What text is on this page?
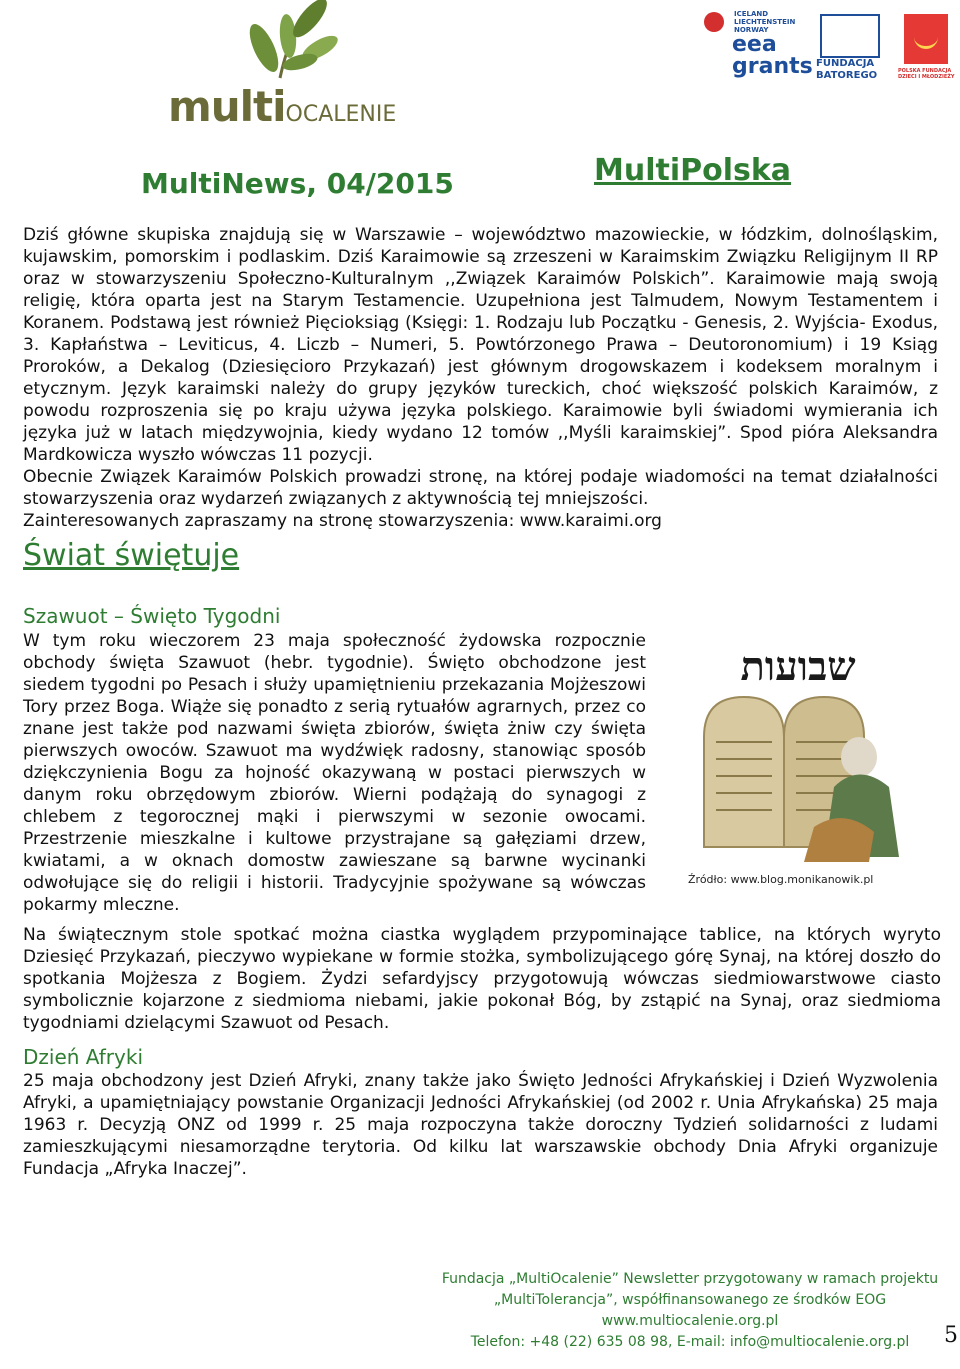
multiOCALENIE
ICELAND
LIECHTENSTEIN
NORWAY
eea
grants FUNDACJA
BATOREGO	POLSKA FUNDACJA
DZIECI I MŁODZIEŻY
MultiNews, 04/2015	MultiPolska

Dziś główne skupiska znajdują się w Warszawie – województwo mazowieckie, w łódzkim, dolnośląskim, kujawskim, pomorskim i podlaskim. Dziś Karaimowie są zrzeszeni w Karaimskim Związku Religijnym II RP oraz w stowarzyszeniu Społeczno-Kulturalnym ,,Związek Karaimów Polskich”. Karaimowie mają swoją religię, która oparta jest na Starym Testamencie. Uzupełniona jest Talmudem, Nowym Testamentem i Koranem. Podstawą jest również Pięcioksiąg (Księgi: 1. Rodzaju lub Początku - Genesis, 2. Wyjścia- Exodus, 3. Kapłaństwa – Leviticus, 4. Liczb – Numeri, 5. Powtórzonego Prawa – Deutoronomium) i 19 Ksiąg Proroków, a Dekalog (Dziesięcioro Przykazań) jest głównym drogowskazem i kodeksem moralnym i etycznym. Język karaimski należy do grupy języków tureckich, choć większość polskich Karaimów, z powodu rozproszenia się po kraju używa języka polskiego. Karaimowie byli świadomi wymierania ich języka już w latach międzywojnia, kiedy wydano 12 tomów ,,Myśli karaimskiej”. Spod pióra Aleksandra Mardkowicza wyszło wówczas 11 pozycji.

Obecnie Związek Karaimów Polskich prowadzi stronę, na której podaje wiadomości na temat działalności stowarzyszenia oraz wydarzeń związanych z aktywnością tej mniejszości.

Zainteresowanych zapraszamy na stronę stowarzyszenia: www.karaimi.org

Świat świętuje
Szawuot – Święto Tygodni

W tym roku wieczorem 23 maja społeczność żydowska rozpocznie obchody święta Szawuot (hebr. tygodnie). Święto obchodzone jest siedem tygodni po Pesach i służy upamiętnieniu przekazania Mojżeszowi Tory przez Boga. Wiąże się ponadto z serią rytuałów agrarnych, przez co znane jest także pod nazwami święta zbiorów, święta żniw czy święta pierwszych owoców. Szawuot ma wydźwięk radosny, stanowiąc sposób dziękczynienia Bogu za hojność okazywaną w postaci pierwszych w danym roku obrzędowym zbiorów. Wierni podążają do synagogi z chlebem z tegorocznej mąki i pierwszymi w sezonie owocami. Przestrzenie mieszkalne i kultowe przystrajane są gałęziami drzew, kwiatami, a w oknach domostw zawieszane są barwne wycinanki odwołujące się do religii i historii. Tradycyjnie spożywane są wówczas pokarmy mleczne.

שבועות
Źródło: www.blog.monikanowik.pl

Na świątecznym stole spotkać można ciastka wyglądem przypominające tablice, na których wyryto Dziesięć Przykazań, pieczywo wypiekane w formie stożka, symbolizującego górę Synaj, na której doszło do spotkania Mojżesza z Bogiem. Żydzi sefardyjscy przygotowują wówczas siedmiowarstwowe ciasto symbolicznie kojarzone z siedmioma niebami, jakie pokonał Bóg, by zstąpić na Synaj, oraz siedmioma tygodniami dzielącymi Szawuot od Pesach.

Dzień Afryki

25 maja obchodzony jest Dzień Afryki, znany także jako Święto Jedności Afrykańskiej i Dzień Wyzwolenia Afryki, a upamiętniający powstanie Organizacji Jedności Afrykańskiej (od 2002 r. Unia Afrykańska) 25 maja 1963 r. Decyzją ONZ od 1999 r. 25 maja rozpoczyna także doroczny Tydzień solidarności z ludami zamieszkującymi niesamorządne terytoria. Od kilku lat warszawskie obchody Dnia Afryki organizuje Fundacja „Afryka Inaczej”.

Fundacja „MultiOcalenie” Newsletter przygotowany w ramach projektu
„MultiTolerancja”, współfinansowanego ze środków EOG
www.multiocalenie.org.pl
Telefon: +48 (22) 635 08 98, E-mail: info@multiocalenie.org.pl	5
